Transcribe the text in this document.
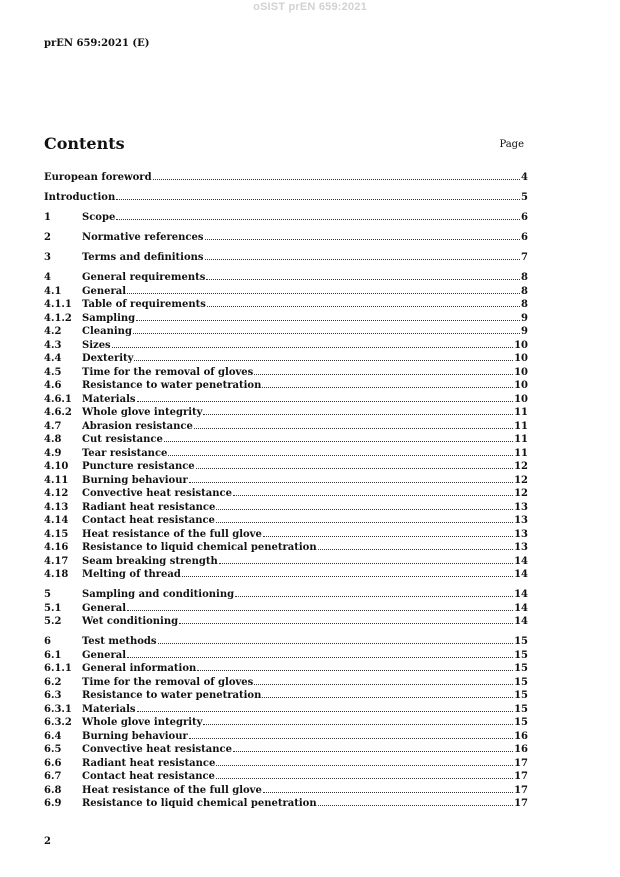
oSIST prEN 659:2021
prEN 659:2021 (E)
Contents	Page
European foreword	4
Introduction	5
1	Scope	6
2	Normative references	6
3	Terms and definitions	7
4	General requirements	8
4.1	General	8
4.1.1	Table of requirements	8
4.1.2	Sampling	9
4.2	Cleaning	9
4.3	Sizes	10
4.4	Dexterity	10
4.5	Time for the removal of gloves	10
4.6	Resistance to water penetration	10
4.6.1	Materials	10
4.6.2	Whole glove integrity	11
4.7	Abrasion resistance	11
4.8	Cut resistance	11
4.9	Tear resistance	11
4.10	Puncture resistance	12
4.11	Burning behaviour	12
4.12	Convective heat resistance	12
4.13	Radiant heat resistance	13
4.14	Contact heat resistance	13
4.15	Heat resistance of the full glove	13
4.16	Resistance to liquid chemical penetration	13
4.17	Seam breaking strength	14
4.18	Melting of thread	14
5	Sampling and conditioning	14
5.1	General	14
5.2	Wet conditioning	14
6	Test methods	15
6.1	General	15
6.1.1	General information	15
6.2	Time for the removal of gloves	15
6.3	Resistance to water penetration	15
6.3.1	Materials	15
6.3.2	Whole glove integrity	15
6.4	Burning behaviour	16
6.5	Convective heat resistance	16
6.6	Radiant heat resistance	17
6.7	Contact heat resistance	17
6.8	Heat resistance of the full glove	17
6.9	Resistance to liquid chemical penetration	17
2
